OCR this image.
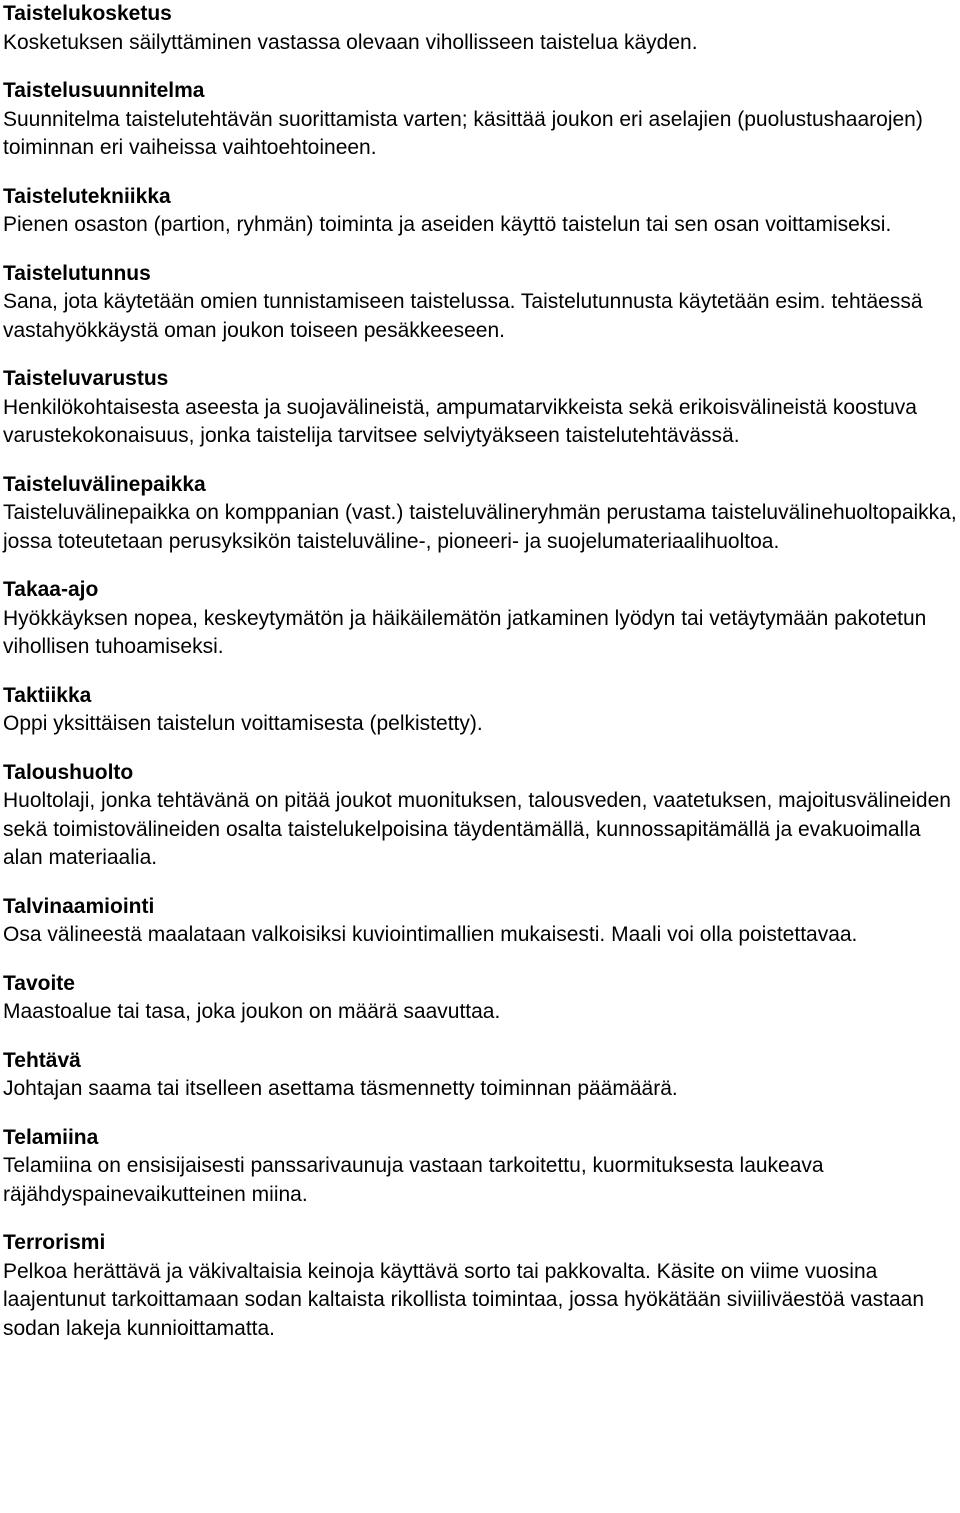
Taistelukosketus

Kosketuksen säilyttäminen vastassa olevaan vihollisseen taistelua käyden.

Taistelusuunnitelma

Suunnitelma taistelutehtävän suorittamista varten; käsittää joukon eri aselajien (puolustushaarojen) toiminnan eri vaiheissa vaihtoehtoineen.

Taistelutekniikka

Pienen osaston (partion, ryhmän) toiminta ja aseiden käyttö taistelun tai sen osan voittamiseksi.

Taistelutunnus

Sana, jota käytetään omien tunnistamiseen taistelussa. Taistelutunnusta käytetään esim. tehtäessä vastahyökkäystä oman joukon toiseen pesäkkeeseen.

Taisteluvarustus

Henkilökohtaisesta aseesta ja suojavälineistä, ampumatarvikkeista sekä erikoisvälineistä koostuva varustekokonaisuus, jonka taistelija tarvitsee selviytyäkseen taistelutehtävässä.

Taisteluvälinepaikka

Taisteluvälinepaikka on komppanian (vast.) taisteluvälineryhmän perustama taisteluvälinehuoltopaikka, jossa toteutetaan perusyksikön taisteluväline-, pioneeri- ja suojelumateriaalihuoltoa.

Takaa-ajo

Hyökkäyksen nopea, keskeytymätön ja häikäilemätön jatkaminen lyödyn tai vetäytymään pakotetun vihollisen tuhoamiseksi.

Taktiikka

Oppi yksittäisen taistelun voittamisesta (pelkistetty).

Taloushuolto

Huoltolaji, jonka tehtävänä on pitää joukot muonituksen, talousveden, vaatetuksen, majoitusvälineiden sekä toimistovälineiden osalta taistelukelpoisina täydentämällä, kunnossapitämällä ja evakuoimalla alan materiaalia.

Talvinaamiointi

Osa välineestä maalataan valkoisiksi kuviointimallien mukaisesti. Maali voi olla poistettavaa.

Tavoite

Maastoalue tai tasa, joka joukon on määrä saavuttaa.

Tehtävä

Johtajan saama tai itselleen asettama täsmennetty toiminnan päämäärä.

Telamiina

Telamiina on ensisijaisesti panssarivaunuja vastaan tarkoitettu, kuormituksesta laukeava räjähdyspainevaikutteinen miina.

Terrorismi

Pelkoa herättävä ja väkivaltaisia keinoja käyttävä sorto tai pakkovalta. Käsite on viime vuosina laajentunut tarkoittamaan sodan kaltaista rikollista toimintaa, jossa hyökätään siviiliväestöä vastaan sodan lakeja kunnioittamatta.
